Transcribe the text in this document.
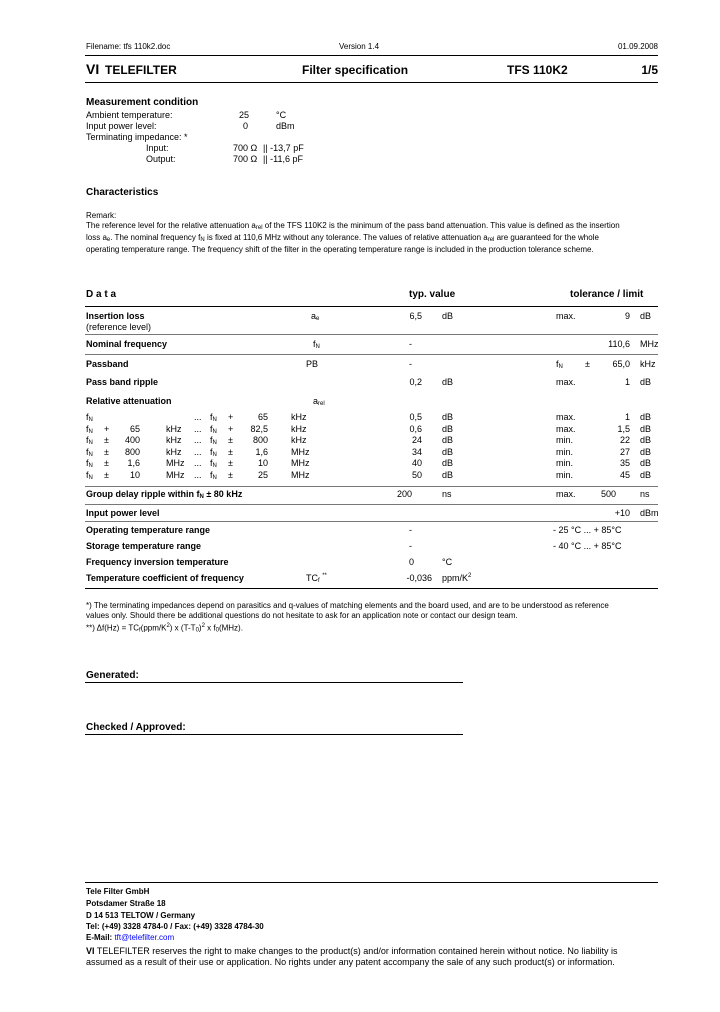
Filename: tfs 110k2.doc	Version 1.4	01.09.2008
VI TELEFILTER	Filter specification	TFS 110K2	1/5
Measurement condition
Ambient temperature:	25	°C
Input power level:	0	dBm
Terminating impedance: *
Input:	700 Ω || -13,7 pF
Output:	700 Ω || -11,6 pF
Characteristics
Remark:
The reference level for the relative attenuation $a_{rel}$ of the TFS 110K2 is the minimum of the pass band attenuation. This value is defined as the insertion
loss $a_e$. The nominal frequency $f_N$ is fixed at 110,6 MHz without any tolerance. The values of relative attenuation $a_{rel}$ are guaranteed for the whole
operating temperature range. The frequency shift of the filter in the operating temperature range is included in the production tolerance scheme.
D a t a	typ. value	tolerance / limit
Insertion loss	$a_e$	6,5 dB	max.	9 dB
(reference level)
Nominal frequency	$f_N$	-	110,6 MHz
Passband	PB	-	$f_N$ ±	65,0 kHz
Pass band ripple	0,2 dB	max.	1 dB
Relative attenuation	$a_{rel}$
$f_N$	... $f_N$ +	65	kHz	0,5 dB	max.	1 dB
$f_N$ +	65	kHz ... $f_N$ +	82,5	kHz	0,6 dB	max.	1,5 dB
$f_N$ ±	400	kHz ... $f_N$ ±	800	kHz	24 dB	min.	22 dB
$f_N$ ±	800	kHz ... $f_N$ ±	1,6	MHz	34 dB	min.	27 dB
$f_N$ ±	1,6	MHz ... $f_N$ ±	10	MHz	40 dB	min.	35 dB
$f_N$ ±	10	MHz ... $f_N$ ±	25	MHz	50 dB	min.	45 dB
Group delay ripple within $f_N \pm 80$ kHz	200	ns	max.	500	ns
Input power level	+10 dBm
Operating temperature range	-	- 25 °C ... + 85°C
Storage temperature range	-	- 40 °C ... + 85°C
Frequency inversion temperature	0	°C
Temperature coefficient of frequency	$TC_f$ **	-0,036 ppm/$K^2$
*) The terminating impedances depend on parasitics and q-values of matching elements and the board used, and are to be understood as reference
values only. Should there be additional questions do not hesitate to ask for an application note or contact our design team.
**) $\Delta f(Hz) = TC_f(ppm/K^2)$ x $(T-T_0)^2$ x $f_0(MHz)$.
Generated:
Checked / Approved:
Tele Filter GmbH
Potsdamer Straße 18
D 14 513 TELTOW / Germany
Tel: (+49) 3328 4784-0 / Fax: (+49) 3328 4784-30
E-Mail: tft@telefilter.com
VI TELEFILTER reserves the right to make changes to the product(s) and/or information contained herein without notice. No liability is
assumed as a result of their use or application. No rights under any patent accompany the sale of any such product(s) or information.
